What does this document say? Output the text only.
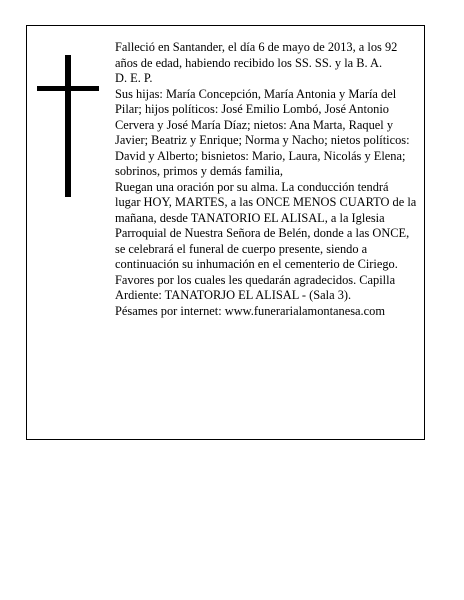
Falleció en Santander, el día 6 de mayo de 2013, a los 92 años de edad, habiendo recibido los SS. SS. y la B. A.

D. E. P.

Sus hijas: María Concepción, María Antonia y María del Pilar; hijos políticos: José Emilio Lombó, José Antonio Cervera y José María Díaz; nietos: Ana Marta, Raquel y Javier; Beatriz y Enrique; Norma y Nacho; nietos políticos: David y Alberto; bisnietos: Mario, Laura, Nicolás y Elena; sobrinos, primos y demás familia,

Ruegan una oración por su alma. La conducción tendrá lugar HOY, MARTES, a las ONCE MENOS CUARTO de la mañana, desde TANATORIO EL ALISAL, a la Iglesia Parroquial de Nuestra Señora de Belén, donde a las ONCE, se celebrará el funeral de cuerpo presente, siendo a continuación su inhumación en el cementerio de Ciriego. Favores por los cuales les quedarán agradecidos. Capilla Ardiente: TANATORJO EL ALISAL - (Sala 3).

Pésames por internet: www.funerarialamontanesa.com
